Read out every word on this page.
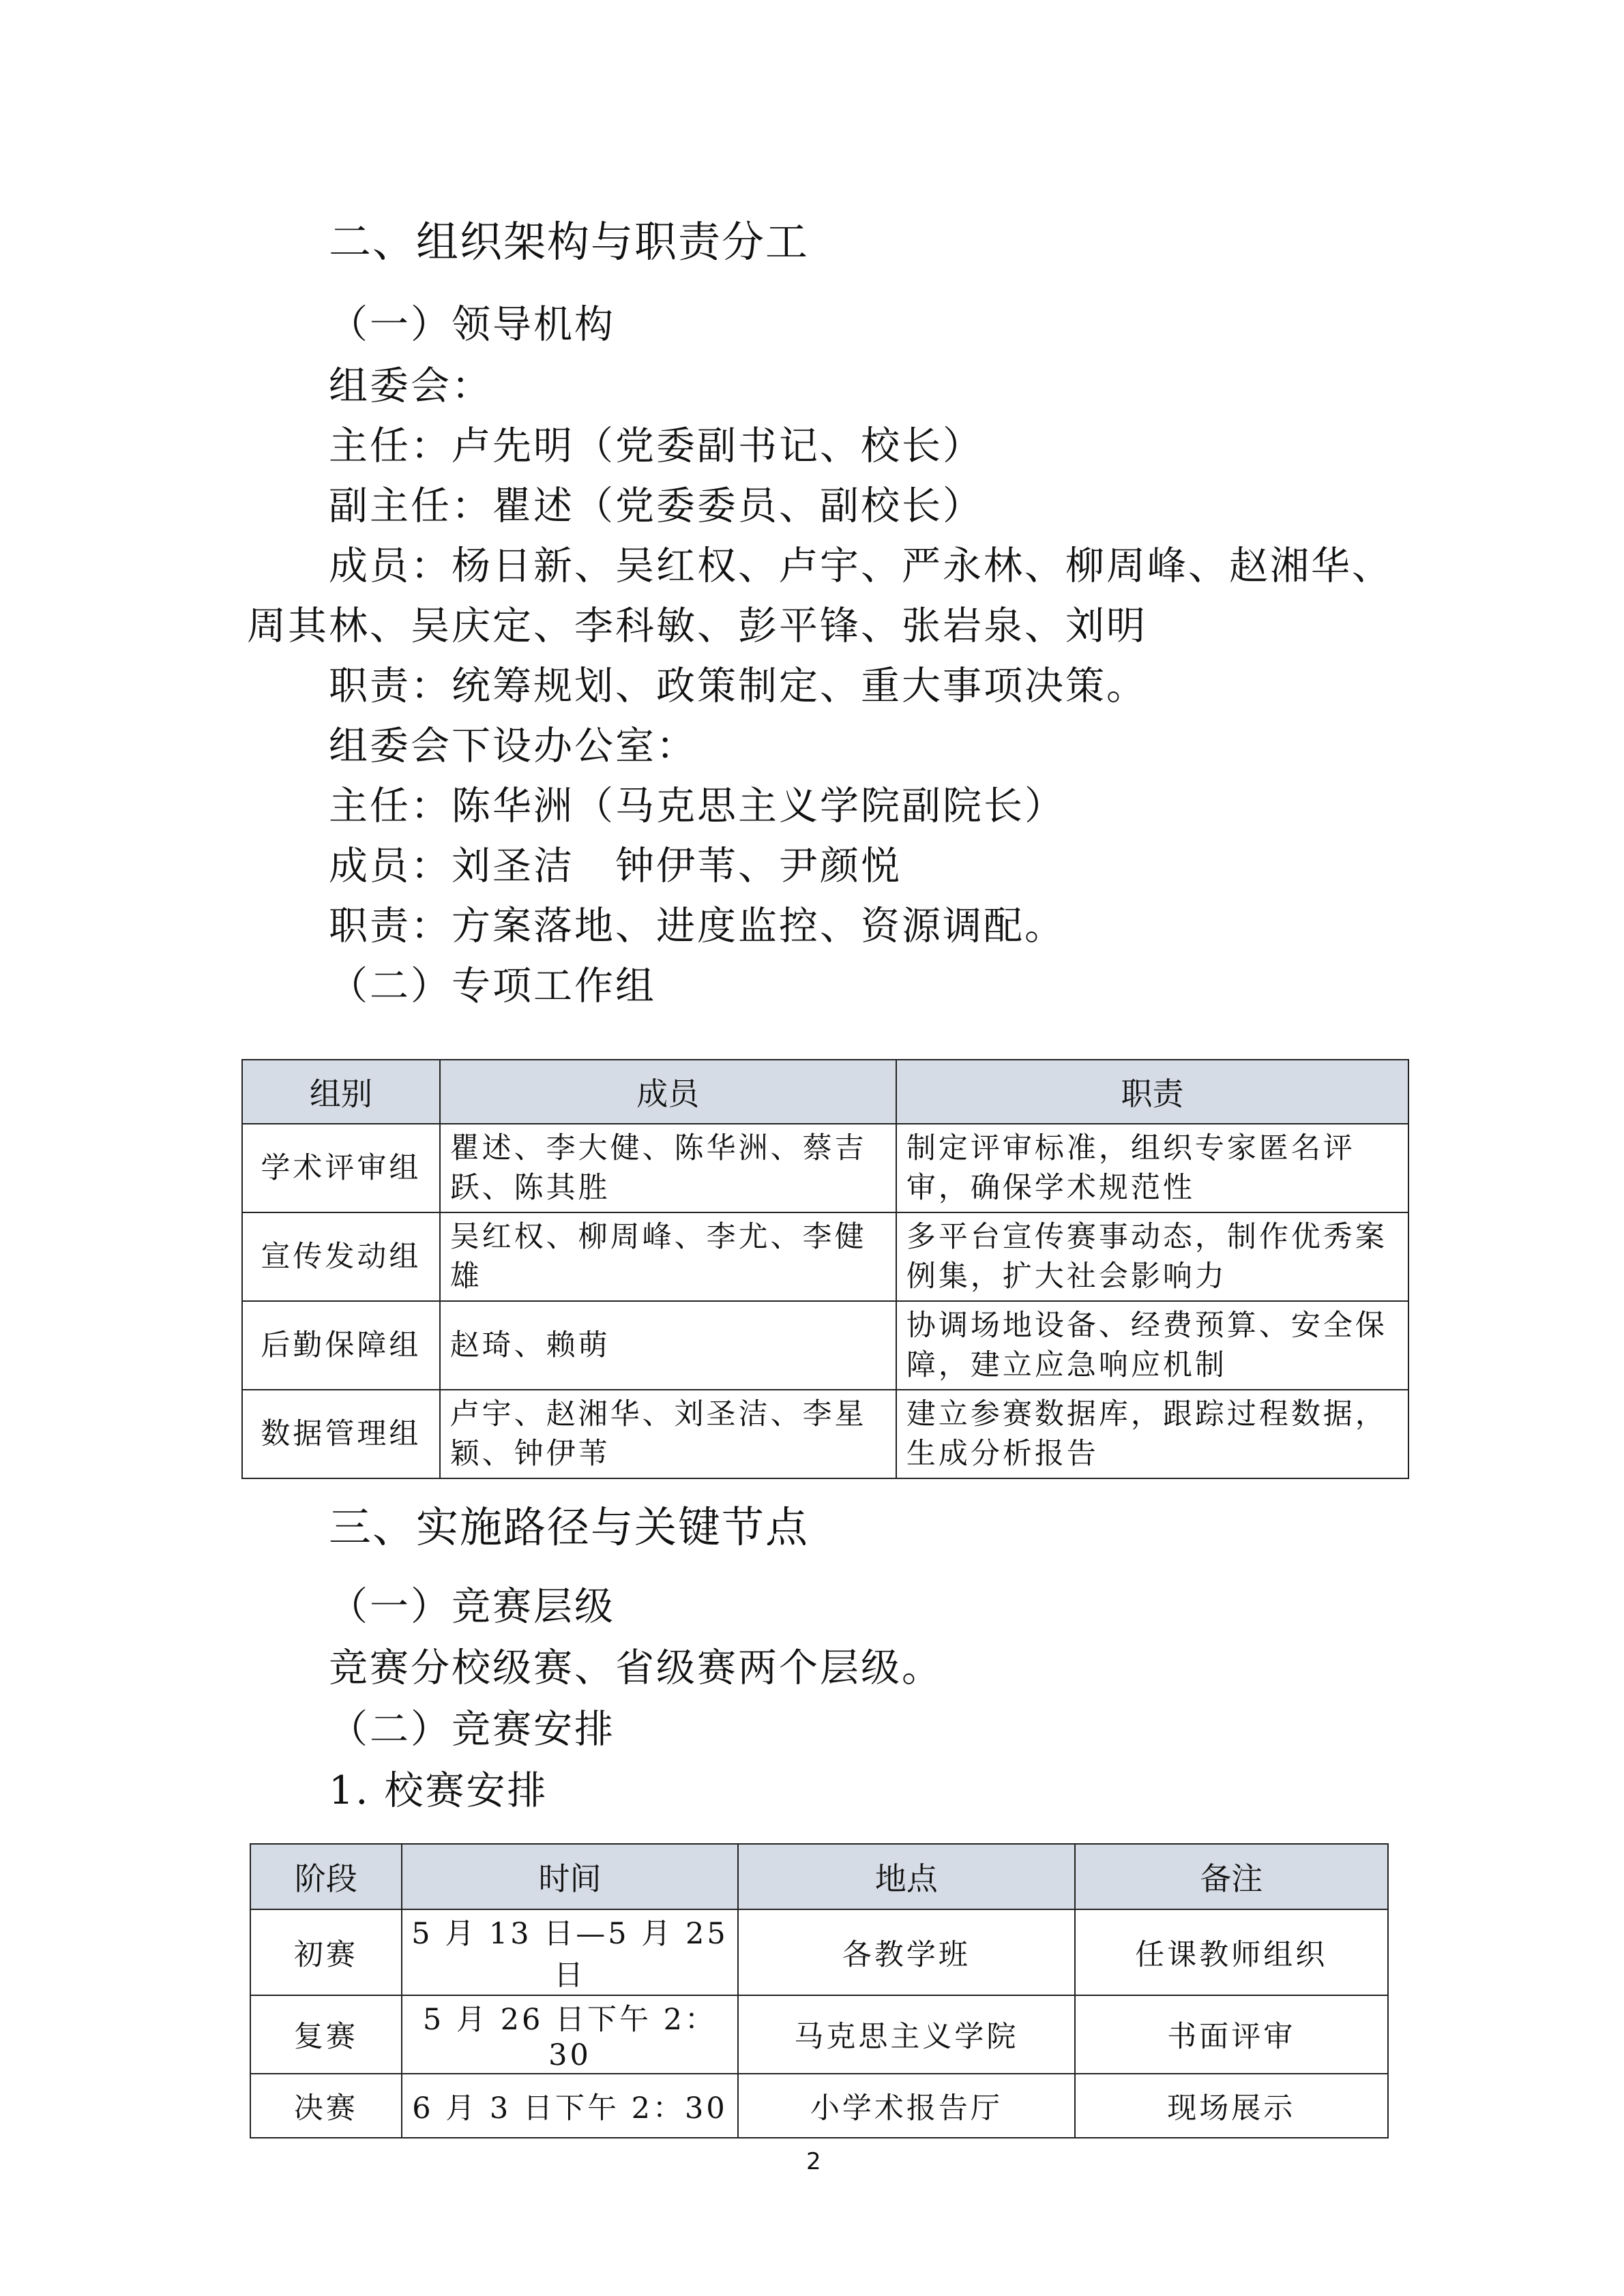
二、组织架构与职责分工
（一）领导机构
组委会：
主任：卢先明（党委副书记、校长）
副主任：瞿述（党委委员、副校长）
成员：杨日新、吴红权、卢宇、严永林、柳周峰、赵湘华、
周其林、吴庆定、李科敏、彭平锋、张岩泉、刘明
职责：统筹规划、政策制定、重大事项决策。
组委会下设办公室：
主任：陈华洲（马克思主义学院副院长）
成员：刘圣洁　钟伊苇、尹颜悦
职责：方案落地、进度监控、资源调配。
（二）专项工作组
组别	成员	职责
学术评审组	瞿述、李大健、陈华洲、蔡吉跃、陈其胜	制定评审标准，组织专家匿名评审，确保学术规范性
宣传发动组	吴红权、柳周峰、李尤、李健雄	多平台宣传赛事动态，制作优秀案例集，扩大社会影响力
后勤保障组	赵琦、赖萌	协调场地设备、经费预算、安全保障，建立应急响应机制
数据管理组	卢宇、赵湘华、刘圣洁、李星颖、钟伊苇	建立参赛数据库，跟踪过程数据，生成分析报告
三、实施路径与关键节点
（一）竞赛层级
竞赛分校级赛、省级赛两个层级。
（二）竞赛安排
1. 校赛安排
阶段	时间	地点	备注
初赛	5 月 13 日—5 月 25 日	各教学班	任课教师组织
复赛	5 月 26 日下午 2：30	马克思主义学院	书面评审
决赛	6 月 3 日下午 2：30	小学术报告厅	现场展示
2
